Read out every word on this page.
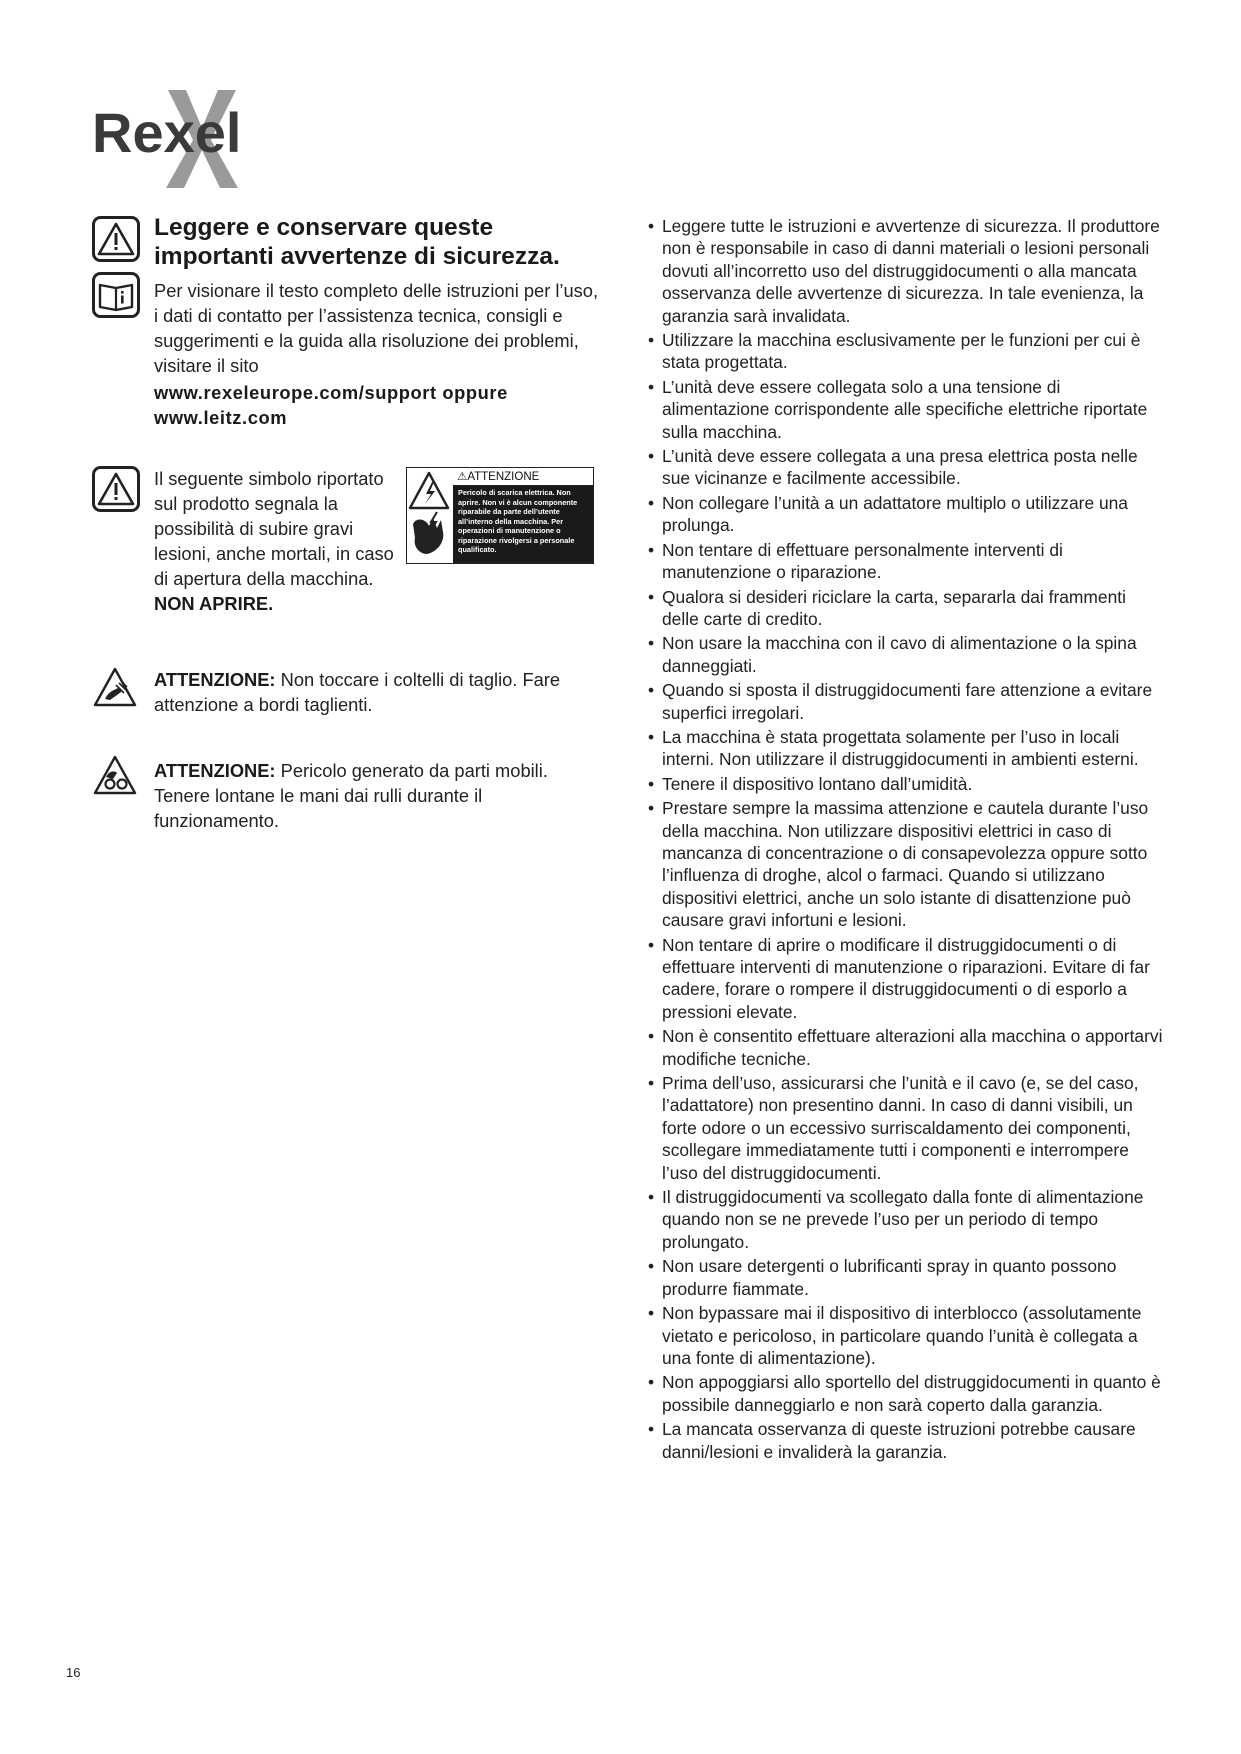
Rexel
Leggere e conservare queste importanti avvertenze di sicurezza.
Per visionare il testo completo delle istruzioni per l’uso, i dati di contatto per l’assistenza tecnica, consigli e suggerimenti e la guida alla risoluzione dei problemi, visitare il sito
www.rexeleurope.com/support oppure
www.leitz.com
Il seguente simbolo riportato sul prodotto segnala la possibilità di subire gravi lesioni, anche mortali, in caso di apertura della macchina.
NON APRIRE.
⚠ATTENZIONE
Pericolo di scarica elettrica. Non aprire. Non vi è alcun componente riparabile da parte dell’utente all’interno della macchina. Per operazioni di manutenzione o riparazione rivolgersi a personale qualificato.
ATTENZIONE: Non toccare i coltelli di taglio. Fare attenzione a bordi taglienti.
ATTENZIONE: Pericolo generato da parti mobili. Tenere lontane le mani dai rulli durante il funzionamento.
• Leggere tutte le istruzioni e avvertenze di sicurezza. Il produttore non è responsabile in caso di danni materiali o lesioni personali dovuti all’incorretto uso del distruggidocumenti o alla mancata osservanza delle avvertenze di sicurezza. In tale evenienza, la garanzia sarà invalidata.
• Utilizzare la macchina esclusivamente per le funzioni per cui è stata progettata.
• L’unità deve essere collegata solo a una tensione di alimentazione corrispondente alle specifiche elettriche riportate sulla macchina.
• L’unità deve essere collegata a una presa elettrica posta nelle sue vicinanze e facilmente accessibile.
• Non collegare l’unità a un adattatore multiplo o utilizzare una prolunga.
• Non tentare di effettuare personalmente interventi di manutenzione o riparazione.
• Qualora si desideri riciclare la carta, separarla dai frammenti delle carte di credito.
• Non usare la macchina con il cavo di alimentazione o la spina danneggiati.
• Quando si sposta il distruggidocumenti fare attenzione a evitare superfici irregolari.
• La macchina è stata progettata solamente per l’uso in locali interni. Non utilizzare il distruggidocumenti in ambienti esterni.
• Tenere il dispositivo lontano dall’umidità.
• Prestare sempre la massima attenzione e cautela durante l’uso della macchina. Non utilizzare dispositivi elettrici in caso di mancanza di concentrazione o di consapevolezza oppure sotto l’influenza di droghe, alcol o farmaci. Quando si utilizzano dispositivi elettrici, anche un solo istante di disattenzione può causare gravi infortuni e lesioni.
• Non tentare di aprire o modificare il distruggidocumenti o di effettuare interventi di manutenzione o riparazioni. Evitare di far cadere, forare o rompere il distruggidocumenti o di esporlo a pressioni elevate.
• Non è consentito effettuare alterazioni alla macchina o apportarvi modifiche tecniche.
• Prima dell’uso, assicurarsi che l’unità e il cavo (e, se del caso, l’adattatore) non presentino danni. In caso di danni visibili, un forte odore o un eccessivo surriscaldamento dei componenti, scollegare immediatamente tutti i componenti e interrompere l’uso del distruggidocumenti.
• Il distruggidocumenti va scollegato dalla fonte di alimentazione quando non se ne prevede l’uso per un periodo di tempo prolungato.
• Non usare detergenti o lubrificanti spray in quanto possono produrre fiammate.
• Non bypassare mai il dispositivo di interblocco (assolutamente vietato e pericoloso, in particolare quando l’unità è collegata a una fonte di alimentazione).
• Non appoggiarsi allo sportello del distruggidocumenti in quanto è possibile danneggiarlo e non sarà coperto dalla garanzia.
• La mancata osservanza di queste istruzioni potrebbe causare danni/lesioni e invaliderà la garanzia.
16
